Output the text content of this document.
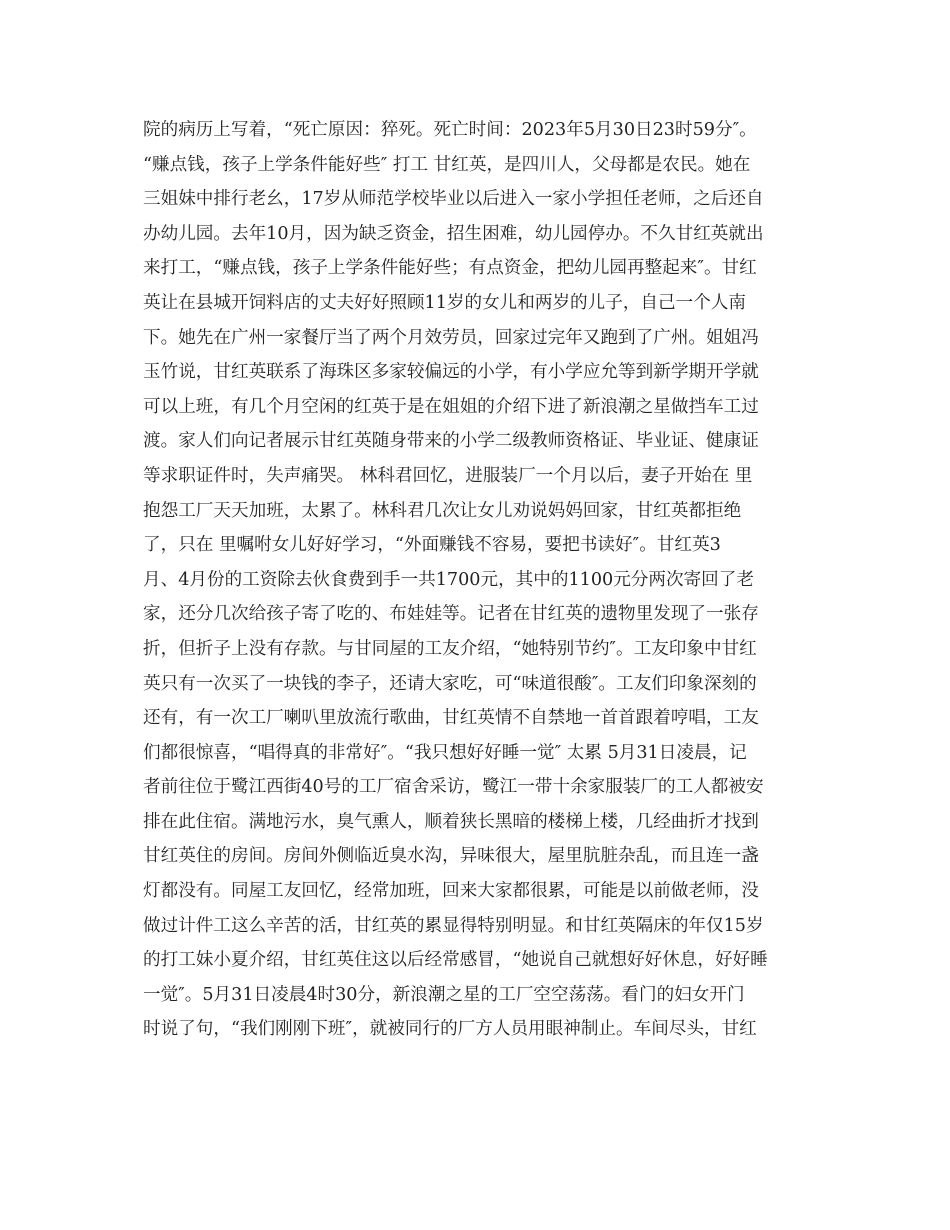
院的病历上写着，“死亡原因：猝死。死亡时间：2023年5月30日23时59分″。
“赚点钱，孩子上学条件能好些″ 打工 甘红英，是四川人，父母都是农民。她在
三姐妹中排行老幺，17岁从师范学校毕业以后进入一家小学担任老师，之后还自
办幼儿园。去年10月，因为缺乏资金，招生困难，幼儿园停办。不久甘红英就出
来打工，“赚点钱，孩子上学条件能好些；有点资金，把幼儿园再整起来″。甘红
英让在县城开饲料店的丈夫好好照顾11岁的女儿和两岁的儿子，自己一个人南
下。她先在广州一家餐厅当了两个月效劳员，回家过完年又跑到了广州。姐姐冯
玉竹说，甘红英联系了海珠区多家较偏远的小学，有小学应允等到新学期开学就
可以上班，有几个月空闲的红英于是在姐姐的介绍下进了新浪潮之星做挡车工过
渡。家人们向记者展示甘红英随身带来的小学二级教师资格证、毕业证、健康证
等求职证件时，失声痛哭。 林科君回忆，进服装厂一个月以后，妻子开始在 里
抱怨工厂天天加班，太累了。林科君几次让女儿劝说妈妈回家，甘红英都拒绝
了，只在 里嘱咐女儿好好学习，“外面赚钱不容易，要把书读好″。甘红英3
月、4月份的工资除去伙食费到手一共1700元，其中的1100元分两次寄回了老
家，还分几次给孩子寄了吃的、布娃娃等。记者在甘红英的遗物里发现了一张存
折，但折子上没有存款。与甘同屋的工友介绍，“她特别节约″。工友印象中甘红
英只有一次买了一块钱的李子，还请大家吃，可“味道很酸″。工友们印象深刻的
还有，有一次工厂喇叭里放流行歌曲，甘红英情不自禁地一首首跟着哼唱，工友
们都很惊喜，“唱得真的非常好″。“我只想好好睡一觉″ 太累 5月31日凌晨，记
者前往位于鹭江西街40号的工厂宿舍采访，鹭江一带十余家服装厂的工人都被安
排在此住宿。满地污水，臭气熏人，顺着狭长黑暗的楼梯上楼，几经曲折才找到
甘红英住的房间。房间外侧临近臭水沟，异味很大，屋里肮脏杂乱，而且连一盏
灯都没有。同屋工友回忆，经常加班，回来大家都很累，可能是以前做老师，没
做过计件工这么辛苦的活，甘红英的累显得特别明显。和甘红英隔床的年仅15岁
的打工妹小夏介绍，甘红英住这以后经常感冒，“她说自己就想好好休息，好好睡
一觉″。5月31日凌晨4时30分，新浪潮之星的工厂空空荡荡。看门的妇女开门
时说了句，“我们刚刚下班″，就被同行的厂方人员用眼神制止。车间尽头，甘红
